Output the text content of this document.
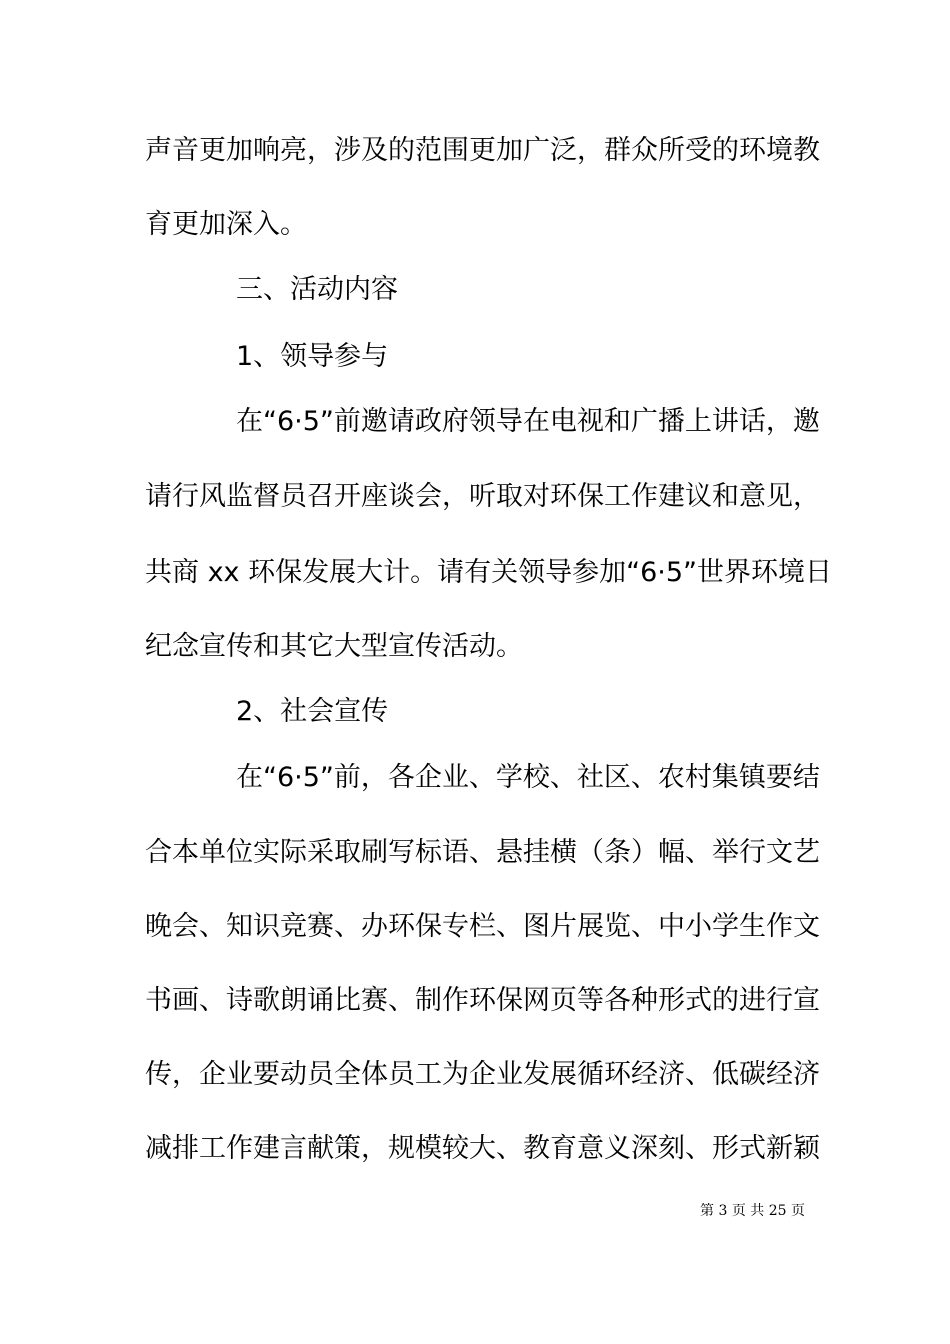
声音更加响亮，涉及的范围更加广泛，群众所受的环境教

育更加深入。

三、活动内容

1、领导参与

在“6·5”前邀请政府领导在电视和广播上讲话，邀

请行风监督员召开座谈会，听取对环保工作建议和意见，

共商 xx 环保发展大计。请有关领导参加“6·5”世界环境日

纪念宣传和其它大型宣传活动。

2、社会宣传

在“6·5”前，各企业、学校、社区、农村集镇要结

合本单位实际采取刷写标语、悬挂横（条）幅、举行文艺

晚会、知识竞赛、办环保专栏、图片展览、中小学生作文

书画、诗歌朗诵比赛、制作环保网页等各种形式的进行宣

传，企业要动员全体员工为企业发展循环经济、低碳经济

减排工作建言献策，规模较大、教育意义深刻、形式新颖

第 3 页 共 25 页
